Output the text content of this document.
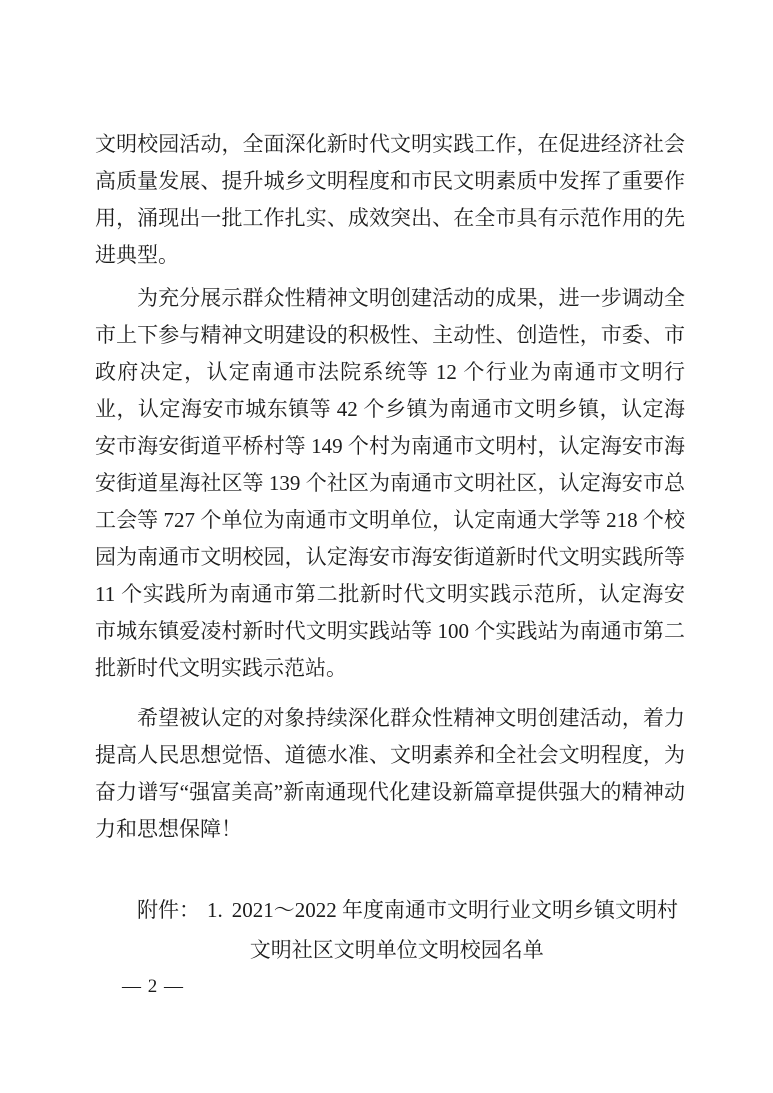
文明校园活动，全面深化新时代文明实践工作，在促进经济社会高质量发展、提升城乡文明程度和市民文明素质中发挥了重要作用，涌现出一批工作扎实、成效突出、在全市具有示范作用的先进典型。

为充分展示群众性精神文明创建活动的成果，进一步调动全市上下参与精神文明建设的积极性、主动性、创造性，市委、市政府决定，认定南通市法院系统等 12 个行业为南通市文明行业，认定海安市城东镇等 42 个乡镇为南通市文明乡镇，认定海安市海安街道平桥村等 149 个村为南通市文明村，认定海安市海安街道星海社区等 139 个社区为南通市文明社区，认定海安市总工会等 727 个单位为南通市文明单位，认定南通大学等 218 个校园为南通市文明校园，认定海安市海安街道新时代文明实践所等 11 个实践所为南通市第二批新时代文明实践示范所，认定海安市城东镇爱凌村新时代文明实践站等 100 个实践站为南通市第二批新时代文明实践示范站。

希望被认定的对象持续深化群众性精神文明创建活动，着力提高人民思想觉悟、道德水准、文明素养和全社会文明程度，为奋力谱写“强富美高”新南通现代化建设新篇章提供强大的精神动力和思想保障！

附件： 1. 2021～2022 年度南通市文明行业文明乡镇文明村
文明社区文明单位文明校园名单
— 2 —
